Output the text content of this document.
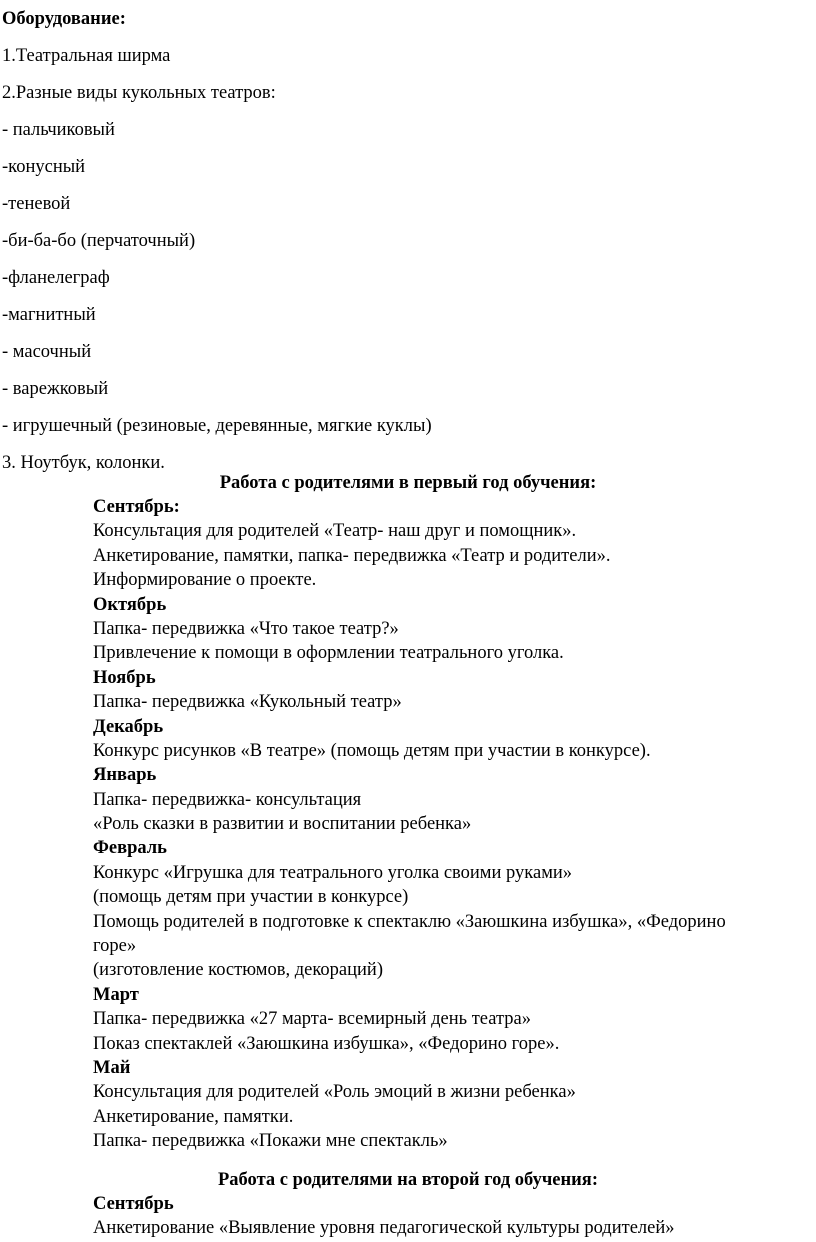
Оборудование:
1.Театральная ширма
2.Разные виды кукольных театров:
- пальчиковый
-конусный
-теневой
-би-ба-бо (перчаточный)
-фланелеграф
-магнитный
- масочный
- варежковый
- игрушечный (резиновые, деревянные, мягкие куклы)
3. Ноутбук, колонки.
Работа с родителями в первый год обучения:
Сентябрь:
Консультация для родителей «Театр- наш друг и помощник».
Анкетирование, памятки, папка- передвижка «Театр и родители».
Информирование о проекте.
Октябрь
Папка- передвижка «Что такое театр?»
Привлечение к помощи в оформлении театрального уголка.
Ноябрь
Папка- передвижка «Кукольный театр»
Декабрь
Конкурс рисунков «В театре» (помощь детям при участии в конкурсе).
Январь
Папка- передвижка- консультация
«Роль сказки в развитии и воспитании ребенка»
Февраль
Конкурс «Игрушка для театрального уголка своими руками»
(помощь детям при участии в конкурсе)
Помощь родителей в подготовке к спектаклю «Заюшкина избушка», «Федорино
горе»
(изготовление костюмов, декораций)
Март
Папка- передвижка «27 марта- всемирный день театра»
Показ спектаклей «Заюшкина избушка», «Федорино горе».
Май
Консультация для родителей «Роль эмоций в жизни ребенка»
Анкетирование, памятки.
Папка- передвижка «Покажи мне спектакль»
Работа с родителями на второй год обучения:
Сентябрь
Анкетирование «Выявление уровня педагогической культуры родителей»
